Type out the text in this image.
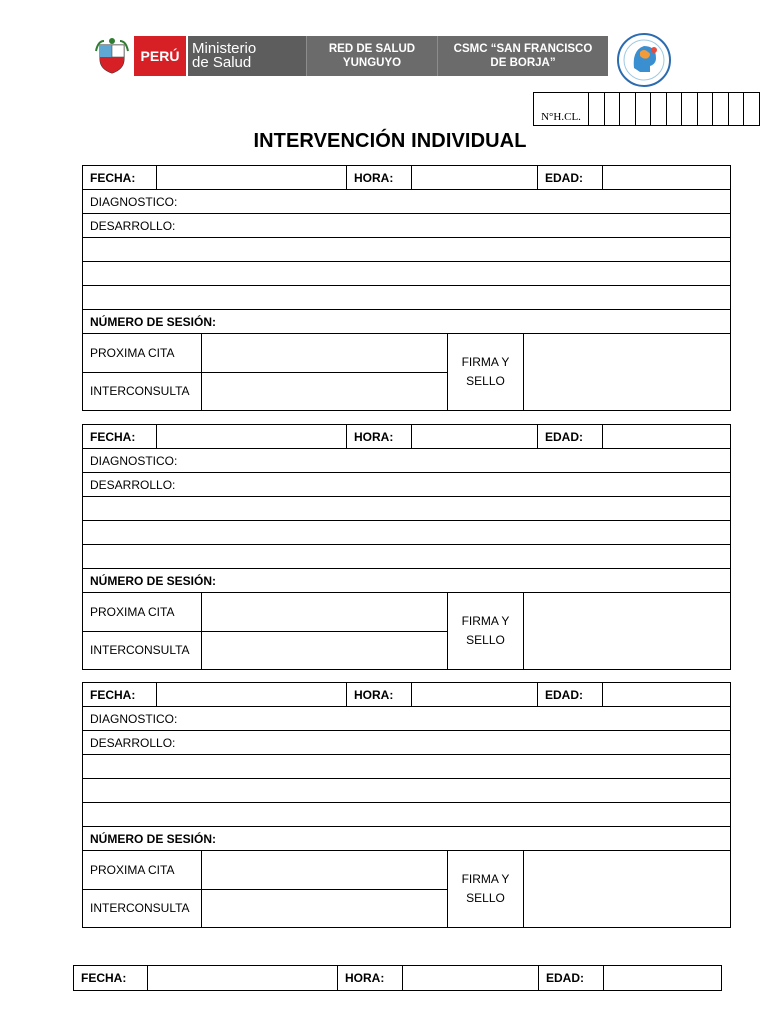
PERÚ Ministerio
de Salud
RED DE SALUD
YUNGUYO
CSMC “SAN FRANCISCO
DE BORJA”
N°H.CL.
INTERVENCIÓN INDIVIDUAL
FECHA:	HORA:	EDAD:
DIAGNOSTICO:
DESARROLLO:
NÚMERO DE SESIÓN:
PROXIMA CITA
INTERCONSULTA
FIRMA Y
SELLO
FECHA:	HORA:	EDAD:
DIAGNOSTICO:
DESARROLLO:
NÚMERO DE SESIÓN:
PROXIMA CITA
INTERCONSULTA
FIRMA Y
SELLO
FECHA:	HORA:	EDAD:
DIAGNOSTICO:
DESARROLLO:
NÚMERO DE SESIÓN:
PROXIMA CITA
INTERCONSULTA
FIRMA Y
SELLO
FECHA:	HORA:	EDAD:
